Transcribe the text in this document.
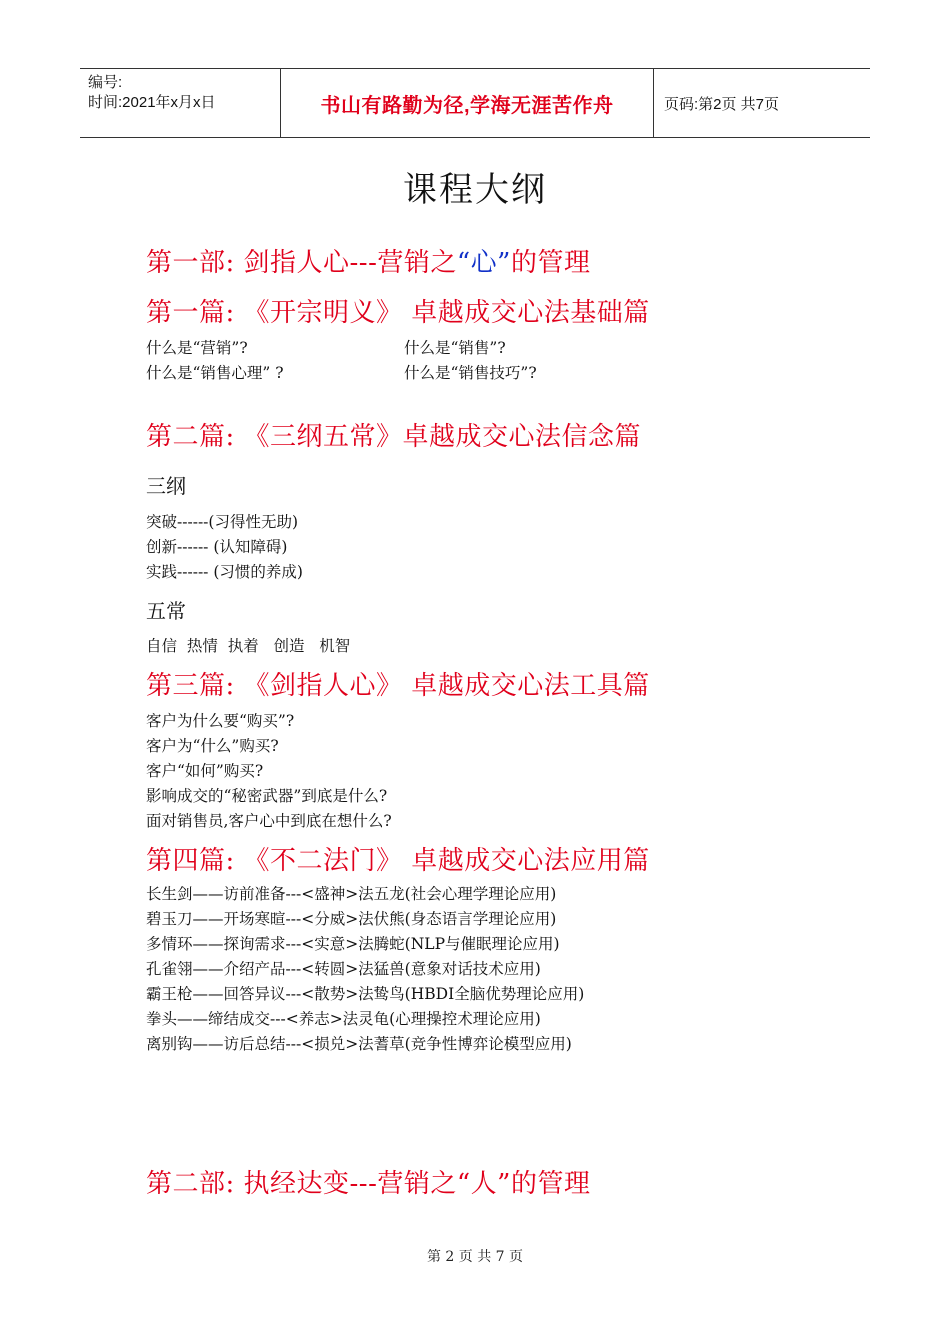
编号:
时间:2021年x月x日	书山有路勤为径,学海无涯苦作舟	页码:第2页 共7页
课程大纲
第一部: 剑指人心---营销之“心”的管理
第一篇: 《开宗明义》 卓越成交心法基础篇
什么是“营销”?	什么是“销售”?
什么是“销售心理” ?	什么是“销售技巧”?
第二篇: 《三纲五常》卓越成交心法信念篇
三纲
突破------(习得性无助)
创新------ (认知障碍)
实践------ (习惯的养成)
五常
自信  热情  执着   创造   机智
第三篇: 《剑指人心》 卓越成交心法工具篇
客户为什么要“购买”?
客户为“什么”购买?
客户“如何”购买?
影响成交的“秘密武器”到底是什么?
面对销售员,客户心中到底在想什么?
第四篇: 《不二法门》 卓越成交心法应用篇
长生剑——访前准备---<盛神>法五龙(社会心理学理论应用)
碧玉刀——开场寒暄---<分威>法伏熊(身态语言学理论应用)
多情环——探询需求---<实意>法腾蛇(NLP与催眠理论应用)
孔雀翎——介绍产品---<转圆>法猛兽(意象对话技术应用)
霸王枪——回答异议---<散势>法鸷鸟(HBDI全脑优势理论应用)
拳头——缔结成交---<养志>法灵龟(心理操控术理论应用)
离别钩——访后总结---<损兑>法蓍草(竞争性博弈论模型应用)
第二部: 执经达变---营销之“人”的管理
第 2 页 共 7 页
